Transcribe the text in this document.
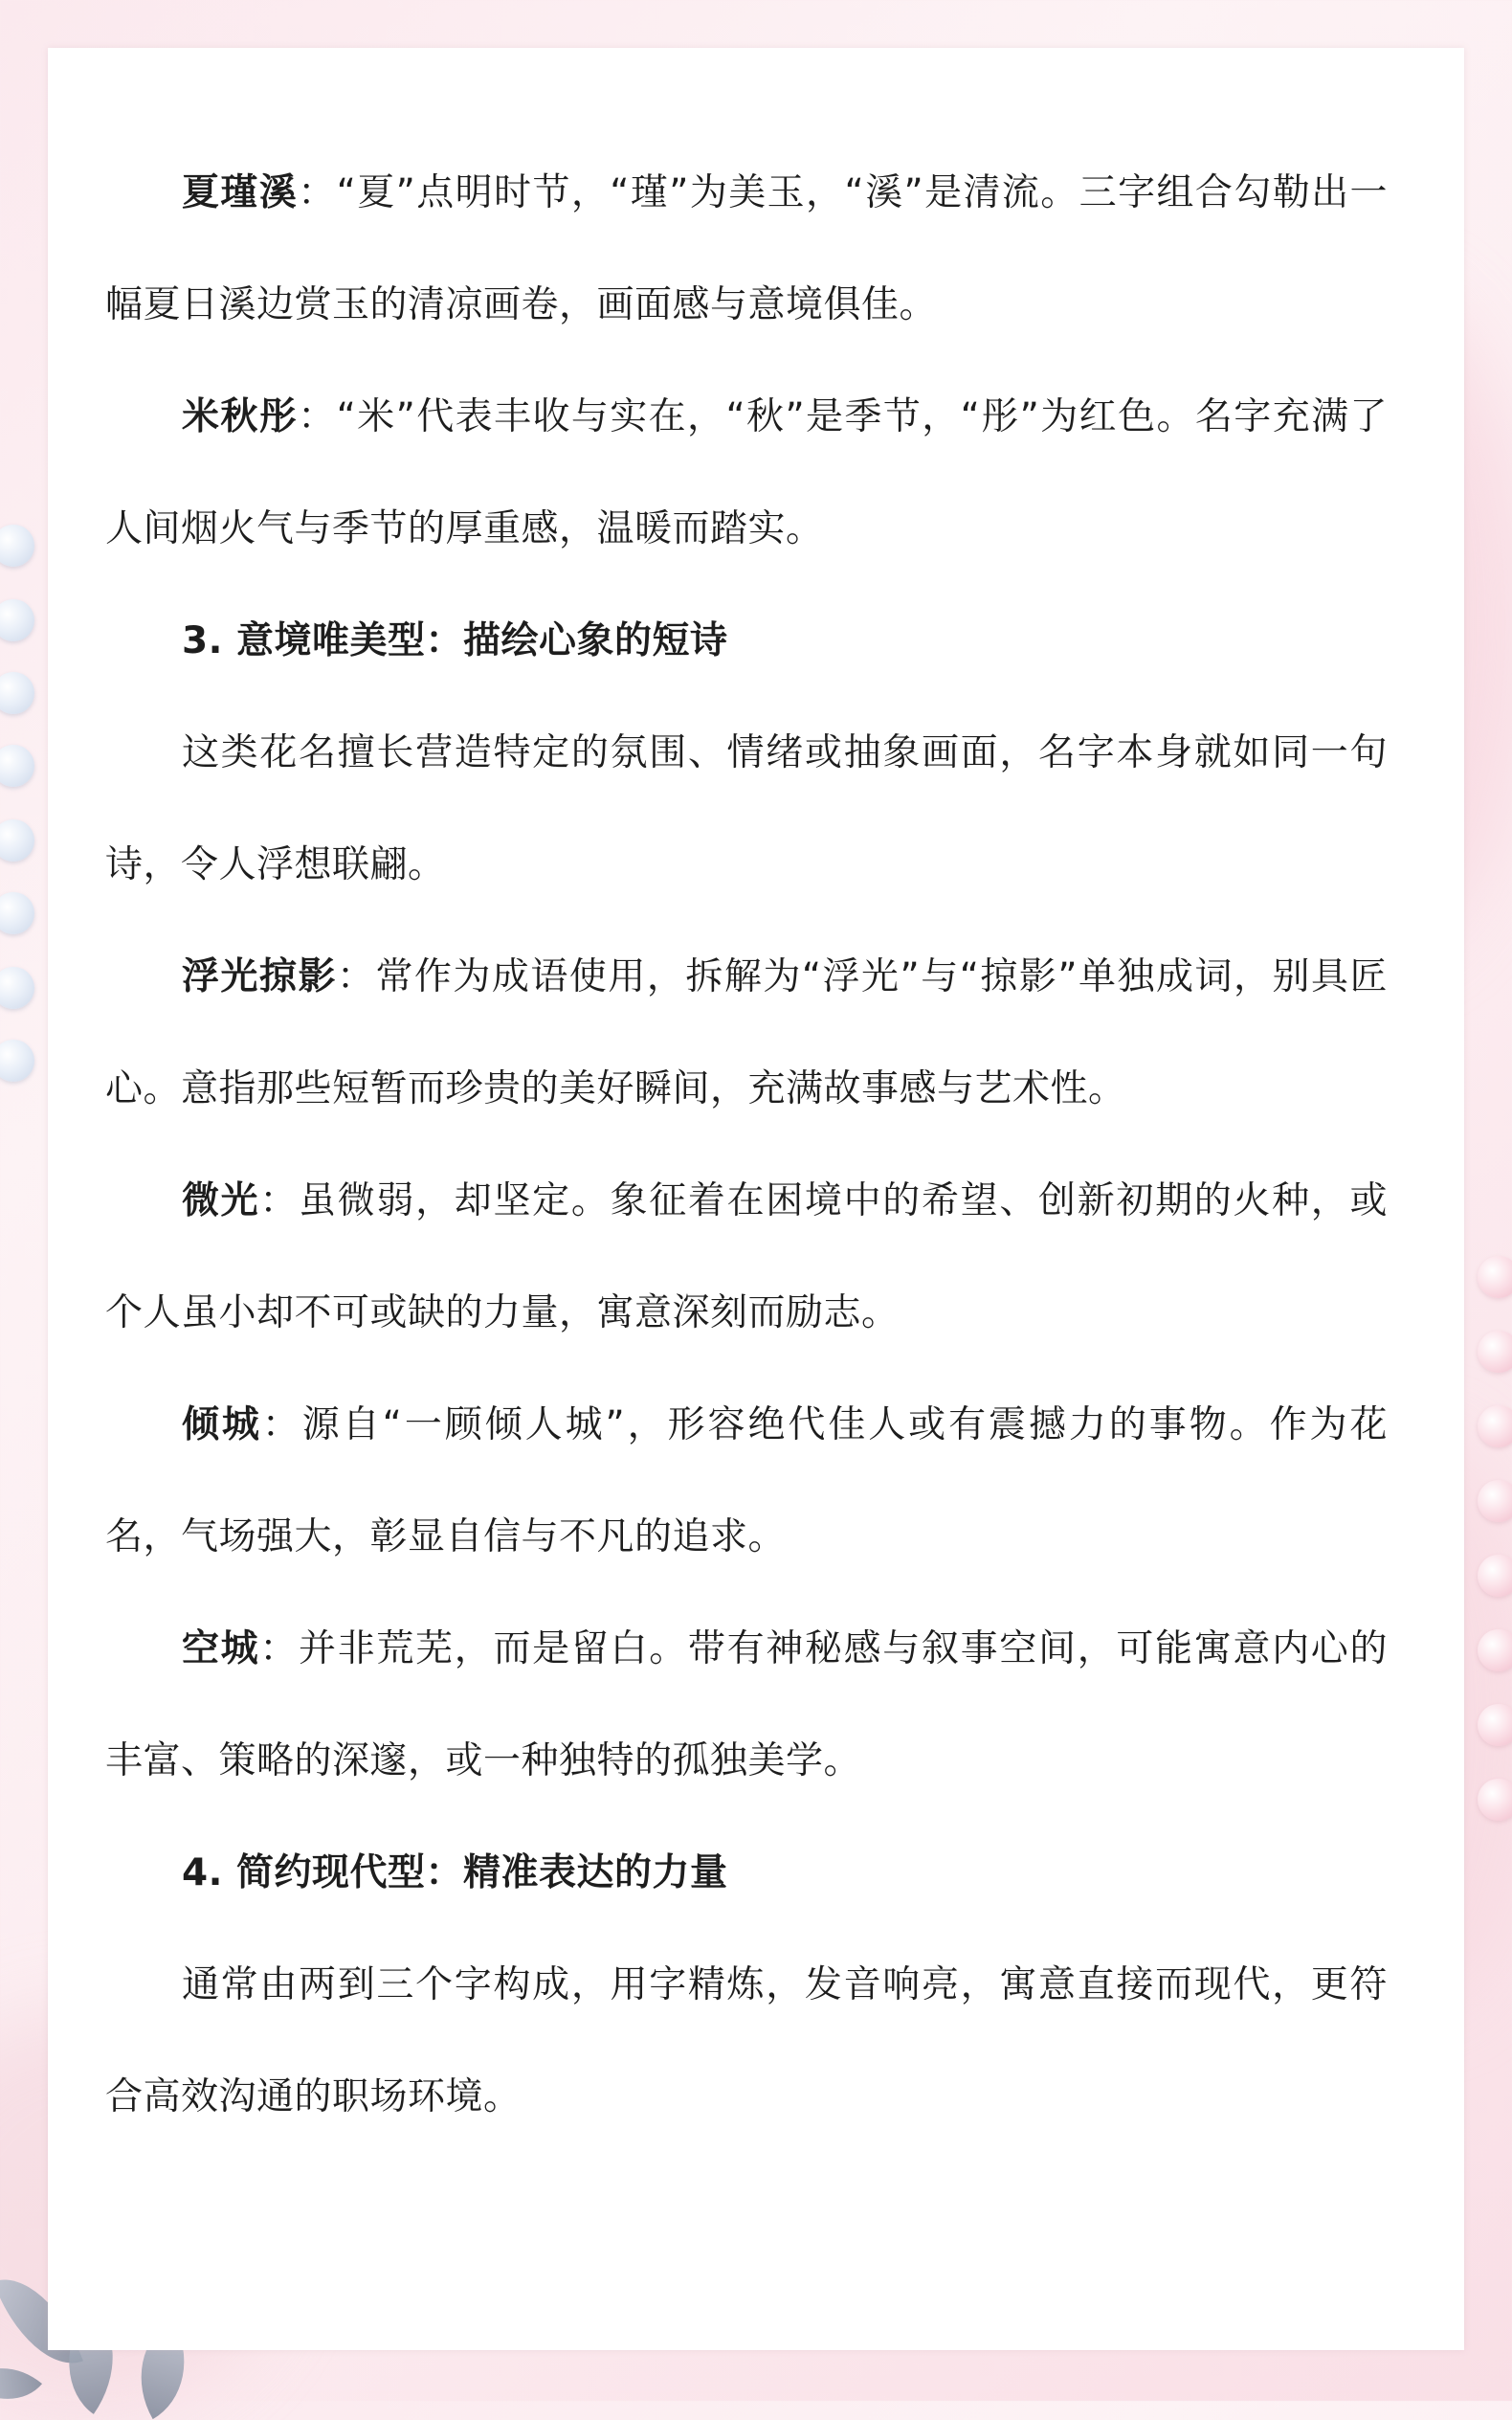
夏瑾溪：“夏”点明时节，“瑾”为美玉，“溪”是清流。三字组合勾勒出一幅夏日溪边赏玉的清凉画卷，画面感与意境俱佳。

米秋彤：“米”代表丰收与实在，“秋”是季节，“彤”为红色。名字充满了人间烟火气与季节的厚重感，温暖而踏实。

3. 意境唯美型：描绘心象的短诗

这类花名擅长营造特定的氛围、情绪或抽象画面，名字本身就如同一句诗，令人浮想联翩。

浮光掠影：常作为成语使用，拆解为“浮光”与“掠影”单独成词，别具匠心。意指那些短暂而珍贵的美好瞬间，充满故事感与艺术性。

微光：虽微弱，却坚定。象征着在困境中的希望、创新初期的火种，或个人虽小却不可或缺的力量，寓意深刻而励志。

倾城：源自“一顾倾人城”，形容绝代佳人或有震撼力的事物。作为花名，气场强大，彰显自信与不凡的追求。

空城：并非荒芜，而是留白。带有神秘感与叙事空间，可能寓意内心的丰富、策略的深邃，或一种独特的孤独美学。

4. 简约现代型：精准表达的力量

通常由两到三个字构成，用字精炼，发音响亮，寓意直接而现代，更符合高效沟通的职场环境。
